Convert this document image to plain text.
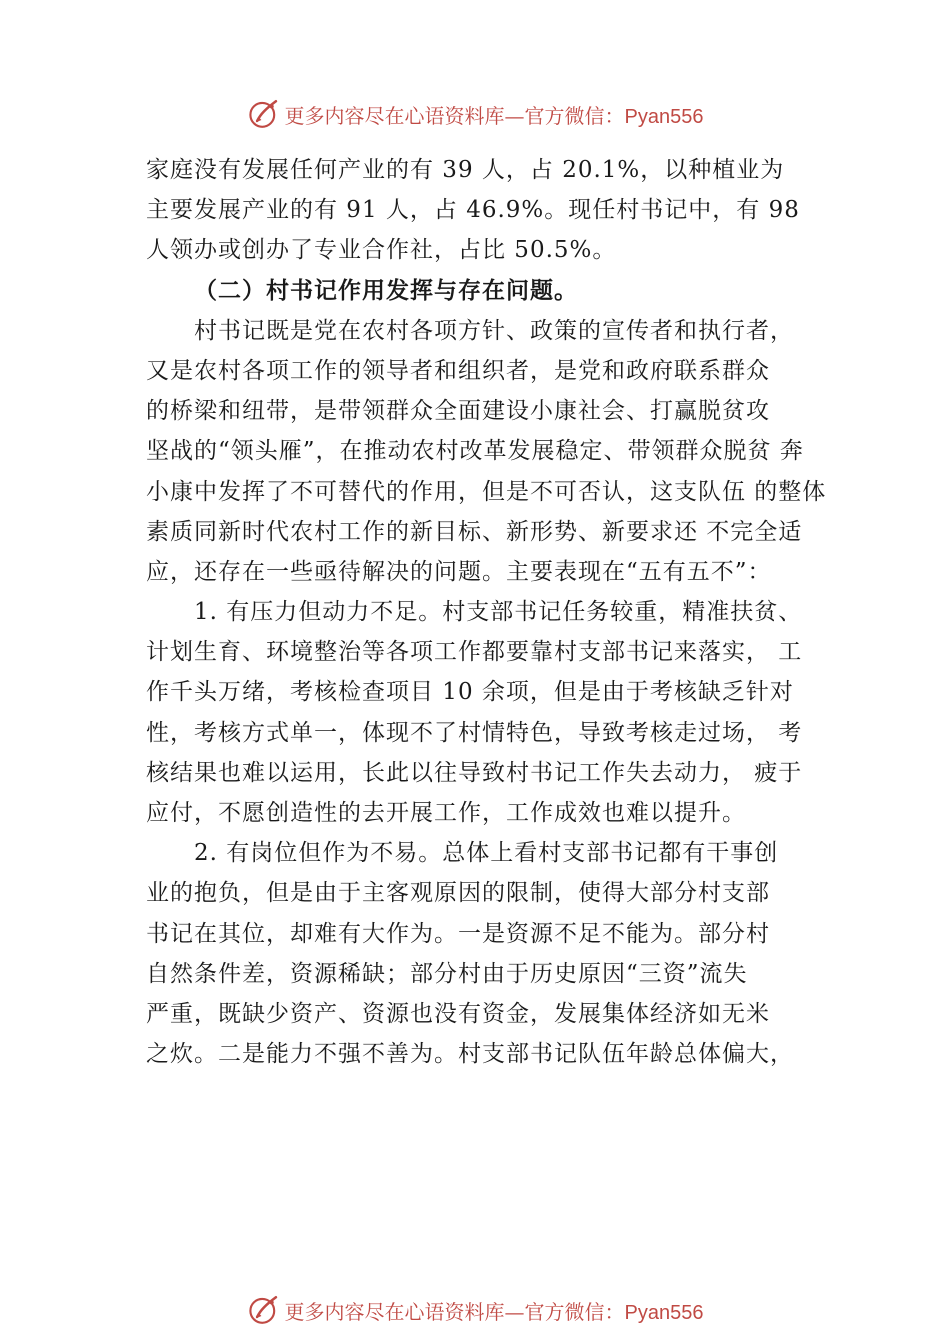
更多内容尽在心语资料库— 官方微信：Pyan556
家庭没有发展任何产业的有 39 人，占 20.1%，以种植业为
主要发展产业的有 91 人，占 46.9%。现任村书记中，有 98
人领办或创办了专业合作社，占比 50.5%。
（二）村书记作用发挥与存在问题。
村书记既是党在农村各项方针、政策的宣传者和执行者，
又是农村各项工作的领导者和组织者，是党和政府联系群众
的桥梁和纽带，是带领群众全面建设小康社会、打赢脱贫攻
坚战的“领头雁”，在推动农村改革发展稳定、带领群众脱贫 奔
小康中发挥了不可替代的作用，但是不可否认，这支队伍 的整体
素质同新时代农村工作的新目标、新形势、新要求还 不完全适
应，还存在一些亟待解决的问题。主要表现在“五有五不”：
1. 有压力但动力不足。村支部书记任务较重，精准扶贫、
计划生育、环境整治等各项工作都要靠村支部书记来落实， 工
作千头万绪，考核检查项目 10 余项，但是由于考核缺乏针对
性，考核方式单一，体现不了村情特色，导致考核走过场， 考
核结果也难以运用，长此以往导致村书记工作失去动力， 疲于
应付，不愿创造性的去开展工作，工作成效也难以提升。
2. 有岗位但作为不易。总体上看村支部书记都有干事创
业的抱负，但是由于主客观原因的限制，使得大部分村支部
书记在其位，却难有大作为。一是资源不足不能为。部分村
自然条件差，资源稀缺；部分村由于历史原因“三资”流失
严重，既缺少资产、资源也没有资金，发展集体经济如无米
之炊。二是能力不强不善为。村支部书记队伍年龄总体偏大，
更多内容尽在心语资料库— 官方微信：Pyan556
